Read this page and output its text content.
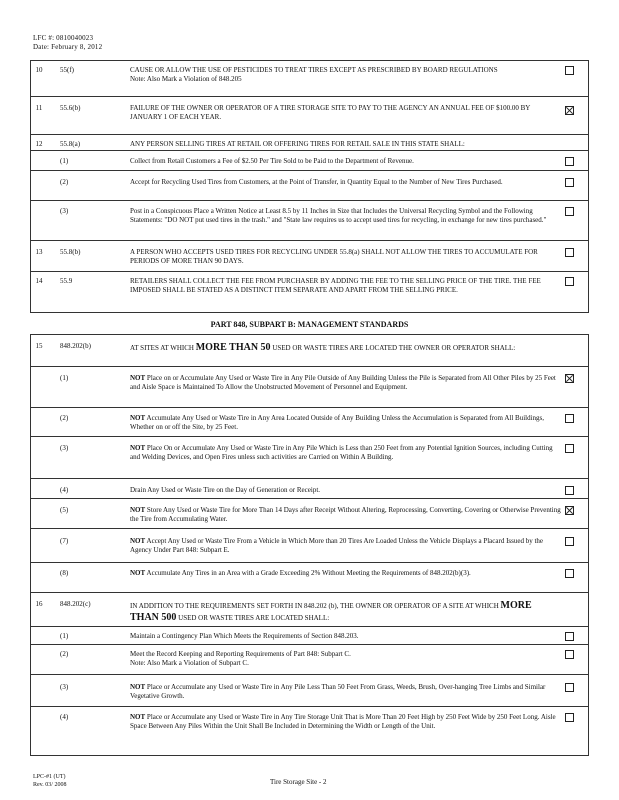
LFC #: 0810040023
Date: February 8, 2012
10	55(f)	CAUSE OR ALLOW THE USE OF PESTICIDES TO TREAT TIRES EXCEPT AS PRESCRIBED BY BOARD REGULATIONS
Note: Also Mark a Violation of 848.205
11	55.6(b)	FAILURE OF THE OWNER OR OPERATOR OF A TIRE STORAGE SITE TO PAY TO THE AGENCY AN ANNUAL FEE OF $100.00 BY JANUARY 1 OF EACH YEAR.
12	55.8(a)	ANY PERSON SELLING TIRES AT RETAIL OR OFFERING TIRES FOR RETAIL SALE IN THIS STATE SHALL:
(1)	Collect from Retail Customers a Fee of $2.50 Per Tire Sold to be Paid to the Department of Revenue.
(2)	Accept for Recycling Used Tires from Customers, at the Point of Transfer, in Quantity Equal to the Number of New Tires Purchased.
(3)	Post in a Conspicuous Place a Written Notice at Least 8.5 by 11 Inches in Size that Includes the Universal Recycling Symbol and the Following Statements: "DO NOT put used tires in the trash." and "State law requires us to accept used tires for recycling, in exchange for new tires purchased."
13	55.8(b)	A PERSON WHO ACCEPTS USED TIRES FOR RECYCLING UNDER 55.8(a) SHALL NOT ALLOW THE TIRES TO ACCUMULATE FOR PERIODS OF MORE THAN 90 DAYS.
14	55.9	RETAILERS SHALL COLLECT THE FEE FROM PURCHASER BY ADDING THE FEE TO THE SELLING PRICE OF THE TIRE. THE FEE IMPOSED SHALL BE STATED AS A DISTINCT ITEM SEPARATE AND APART FROM THE SELLING PRICE.
PART 848, SUBPART B: MANAGEMENT STANDARDS
15	848.202(b)	AT SITES AT WHICH MORE THAN 50 USED OR WASTE TIRES ARE LOCATED THE OWNER OR OPERATOR SHALL:
(1)	NOT Place on or Accumulate Any Used or Waste Tire in Any Pile Outside of Any Building Unless the Pile is Separated from All Other Piles by 25 Feet and Aisle Space is Maintained To Allow the Unobstructed Movement of Personnel and Equipment.
(2)	NOT Accumulate Any Used or Waste Tire in Any Area Located Outside of Any Building Unless the Accumulation is Separated from All Buildings, Whether on or off the Site, by 25 Feet.
(3)	NOT Place On or Accumulate Any Used or Waste Tire in Any Pile Which is Less than 250 Feet from any Potential Ignition Sources, including Cutting and Welding Devices, and Open Fires unless such activities are Carried on Within A Building.
(4)	Drain Any Used or Waste Tire on the Day of Generation or Receipt.
(5)	NOT Store Any Used or Waste Tire for More Than 14 Days after Receipt Without Altering, Reprocessing, Converting, Covering or Otherwise Preventing the Tire from Accumulating Water.
(7)	NOT Accept Any Used or Waste Tire From a Vehicle in Which More than 20 Tires Are Loaded Unless the Vehicle Displays a Placard Issued by the Agency Under Part 848: Subpart E.
(8)	NOT Accumulate Any Tires in an Area with a Grade Exceeding 2% Without Meeting the Requirements of 848.202(b)(3).
16	848.202(c)	IN ADDITION TO THE REQUIREMENTS SET FORTH IN 848.202 (b), THE OWNER OR OPERATOR OF A SITE AT WHICH MORE THAN 500 USED OR WASTE TIRES ARE LOCATED SHALL:
(1)	Maintain a Contingency Plan Which Meets the Requirements of Section 848.203.
(2)	Meet the Record Keeping and Reporting Requirements of Part 848: Subpart C.
Note: Also Mark a Violation of Subpart C.
(3)	NOT Place or Accumulate any Used or Waste Tire in Any Pile Less Than 50 Feet From Grass, Weeds, Brush, Over-hanging Tree Limbs and Similar Vegetative Growth.
(4)	NOT Place or Accumulate any Used or Waste Tire in Any Tire Storage Unit That is More Than 20 Feet High by 250 Feet Wide by 250 Feet Long. Aisle Space Between Any Piles Within the Unit Shall Be Included in Determining the Width or Length of the Unit.
LPC-#1 (UT)
Rev. 03/ 2008	Tire Storage Site - 2
